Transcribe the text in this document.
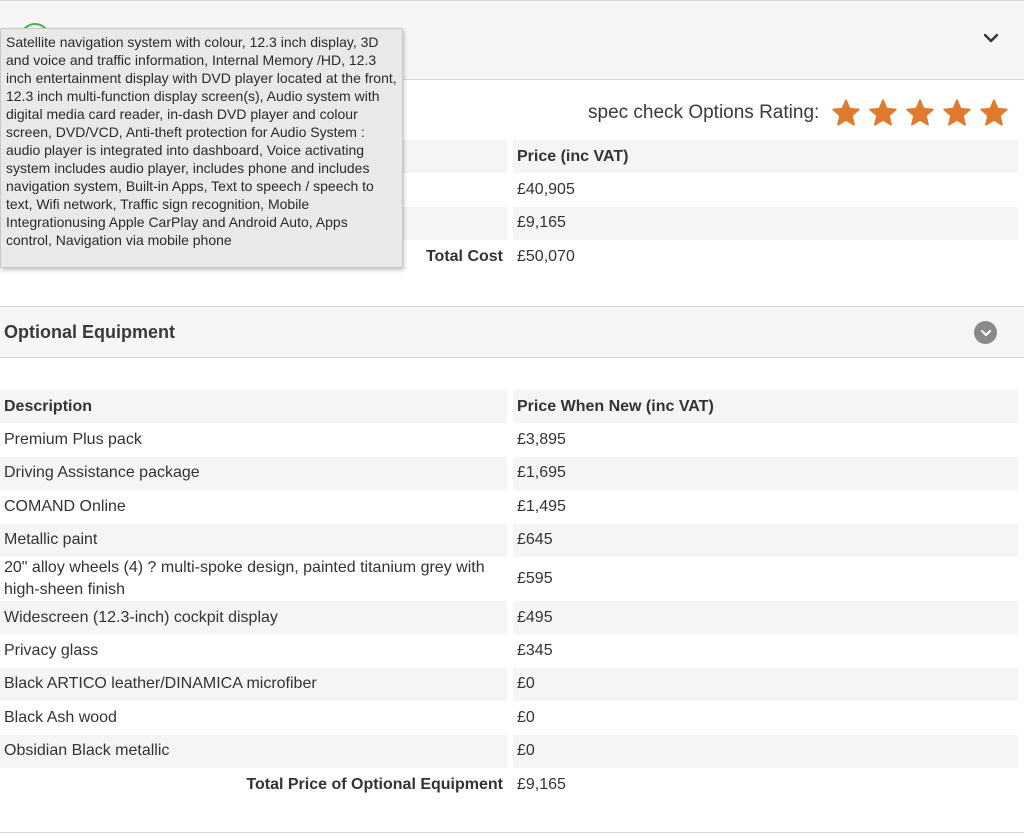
spec check Options Rating:
	Price (inc VAT)
	£40,905
	£9,165
Total Cost	£50,070
Optional Equipment
Description	Price When New (inc VAT)
Premium Plus pack	£3,895
Driving Assistance package	£1,695
COMAND Online	£1,495
Metallic paint	£645
20" alloy wheels (4) ? multi-spoke design, painted titanium grey with high-sheen finish	£595
Widescreen (12.3-inch) cockpit display	£495
Privacy glass	£345
Black ARTICO leather/DINAMICA microfiber	£0
Black Ash wood	£0
Obsidian Black metallic	£0
Total Price of Optional Equipment	£9,165
Satellite navigation system with colour, 12.3 inch display, 3D and voice and traffic information, Internal Memory /HD, 12.3 inch entertainment display with DVD player located at the front, 12.3 inch multi-function display screen(s), Audio system with digital media card reader, in-dash DVD player and colour screen, DVD/VCD, Anti-theft protection for Audio System : audio player is integrated into dashboard, Voice activating system includes audio player, includes phone and includes navigation system, Built-in Apps, Text to speech / speech to text, Wifi network, Traffic sign recognition, Mobile Integrationusing Apple CarPlay and Android Auto, Apps control, Navigation via mobile phone
